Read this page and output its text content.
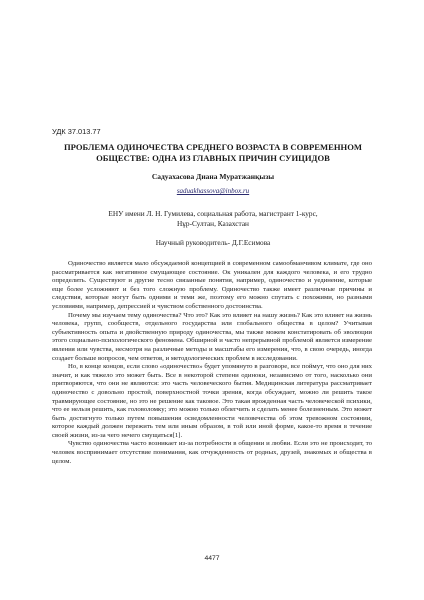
УДК 37.013.77
ПРОБЛЕМА ОДИНОЧЕСТВА СРЕДНЕГО ВОЗРАСТА В СОВРЕМЕННОМ
ОБЩЕСТВЕ: ОДНА ИЗ ГЛАВНЫХ ПРИЧИН СУИЦИДОВ
Садуахасова Диана Муратжанқызы
saduakhassova@inbox.ru
ЕНУ имени Л. Н. Гумилева, социальная работа, магистрант 1-курс,
Нұр-Султан, Казахстан
Научный руководитель- Д.Г.Есимова

Одиночество является мало обсуждаемой концепцией в современном самообманчивом климате, где оно рассматривается как негативное смущающее состояние. Ок уникален для каждого человека, и его трудно определить. Существуют и другие тесно связанные понятия, например, одиночество и уединение, которые еще более усложняют и без того сложную проблему. Одиночество также имеет различные причины и следствия, которые могут быть одними и теми же, поэтому его можно спутать с похожими, но разными условиями, например, депрессией и чувством собственного достоинства.

Почему мы изучаем тему одиночества? Что это? Как это влияет на нашу жизнь? Как это влияет на жизнь человека, групп, сообществ, отдельного государства или глобального общества в целом? Учитывая субъективность опыта и двойственную природу одиночества, мы также можем констатировать об эволюции этого социально-психологического феномена. Обширной и часто непрерывной проблемой является измерение явления или чувства, несмотря на различные методы и масштабы его измерения, что, в свою очередь, иногда создает больше вопросов, чем ответов, и методологических проблем в исследовании.

Но, в конце концов, если слово «одиночество» будет упомянуто в разговоре, все поймут, что оно для них значит, и как тяжело это может быть. Все в некоторой степени одиноки, независимо от того, насколько они притворяются, что они не являются: это часть человеческого бытия. Медицинская литература рассматривает одиночество с довольно простой, поверхностной точки зрения, когда обсуждает, можно ли решить такое травмирующее состояние, но это не решение как таковое. Это такая врожденная часть человеческой психики, что ее нельзя решить, как головоломку; это можно только облегчить и сделать менее болезненным. Это может быть достигнуто только путем повышения осведомленности человечества об этом тревожном состоянии, которое каждый должен пережить тем или иным образом, в той или иной форме, какое-то время в течение своей жизни, из-за чего нечего смущаться[1].

Чувство одиночества часто возникает из-за потребности в общении и любви. Если это не происходит, то человек воспринимает отсутствие понимания, как отчужденность от родных, друзей, знакомых и общества в целом.

4477
